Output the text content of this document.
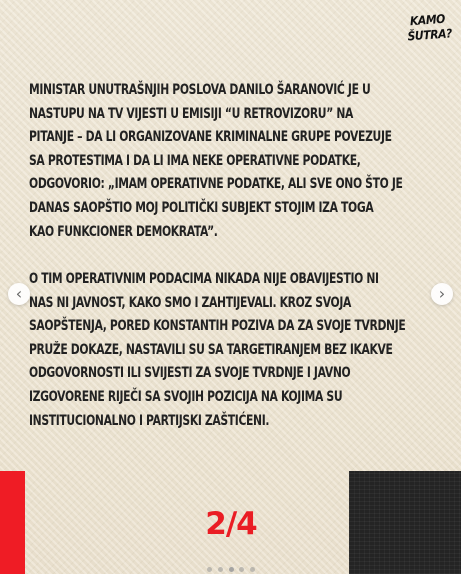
KAMO
ŠUTRA?
MINISTAR UNUTRAŠNJIH POSLOVA DANILO ŠARANOVIĆ JE U
NASTUPU NA TV VIJESTI U EMISIJI “U RETROVIZORU” NA
PITANJE – DA LI ORGANIZOVANE KRIMINALNE GRUPE POVEZUJE
SA PROTESTIMA I DA LI IMA NEKE OPERATIVNE PODATKE,
ODGOVORIO: „IMAM OPERATIVNE PODATKE, ALI SVE ONO ŠTO JE
DANAS SAOPŠTIO MOJ POLITIČKI SUBJEKT STOJIM IZA TOGA
KAO FUNKCIONER DEMOKRATA”.
O TIM OPERATIVNIM PODACIMA NIKADA NIJE OBAVIJESTIO NI
NAS NI JAVNOST, KAKO SMO I ZAHTIJEVALI. KROZ SVOJA
SAOPŠTENJA, PORED KONSTANTIH POZIVA DA ZA SVOJE TVRDNJE
PRUŽE DOKAZE, NASTAVILI SU SA TARGETIRANJEM BEZ IKAKVE
ODGOVORNOSTI ILI SVIJESTI ZA SVOJE TVRDNJE I JAVNO
IZGOVORENE RIJEČI SA SVOJIH POZICIJA NA KOJIMA SU
INSTITUCIONALNO I PARTIJSKI ZAŠTIĆENI.
‹	›
2/4
